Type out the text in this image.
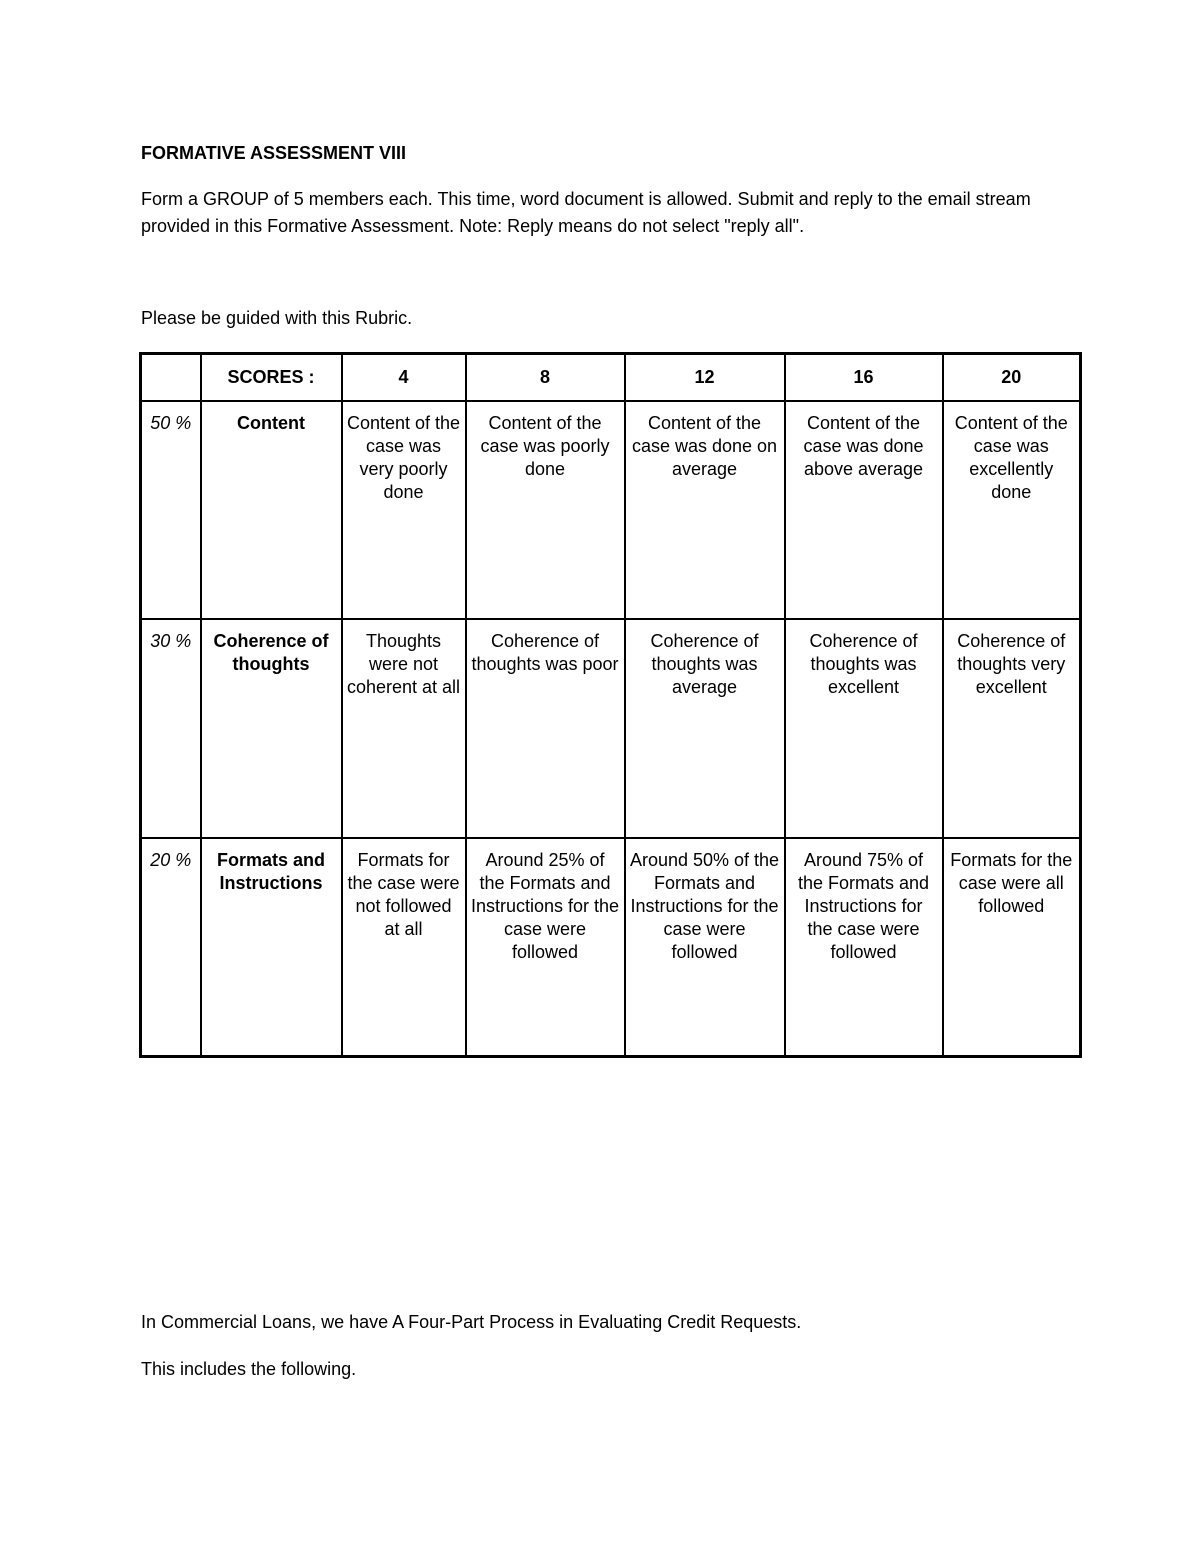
FORMATIVE ASSESSMENT VIII
Form a GROUP of 5 members each. This time, word document is allowed. Submit and reply to the email stream provided in this Formative Assessment. Note: Reply means do not select "reply all".
Please be guided with this Rubric.
	SCORES :	4	8	12	16	20
50 %	Content	Content of the case was very poorly done	Content of the case was poorly done	Content of the case was done on average	Content of the case was done above average	Content of the case was excellently done
30 %	Coherence of thoughts	Thoughts were not coherent at all	Coherence of thoughts was poor	Coherence of thoughts was average	Coherence of thoughts was excellent	Coherence of thoughts very excellent
20 %	Formats and Instructions	Formats for the case were not followed at all	Around 25% of the Formats and Instructions for the case were followed	Around 50% of the Formats and Instructions for the case were followed	Around 75% of the Formats and Instructions for the case were followed	Formats for the case were all followed
In Commercial Loans, we have A Four-Part Process in Evaluating Credit Requests.
This includes the following.
